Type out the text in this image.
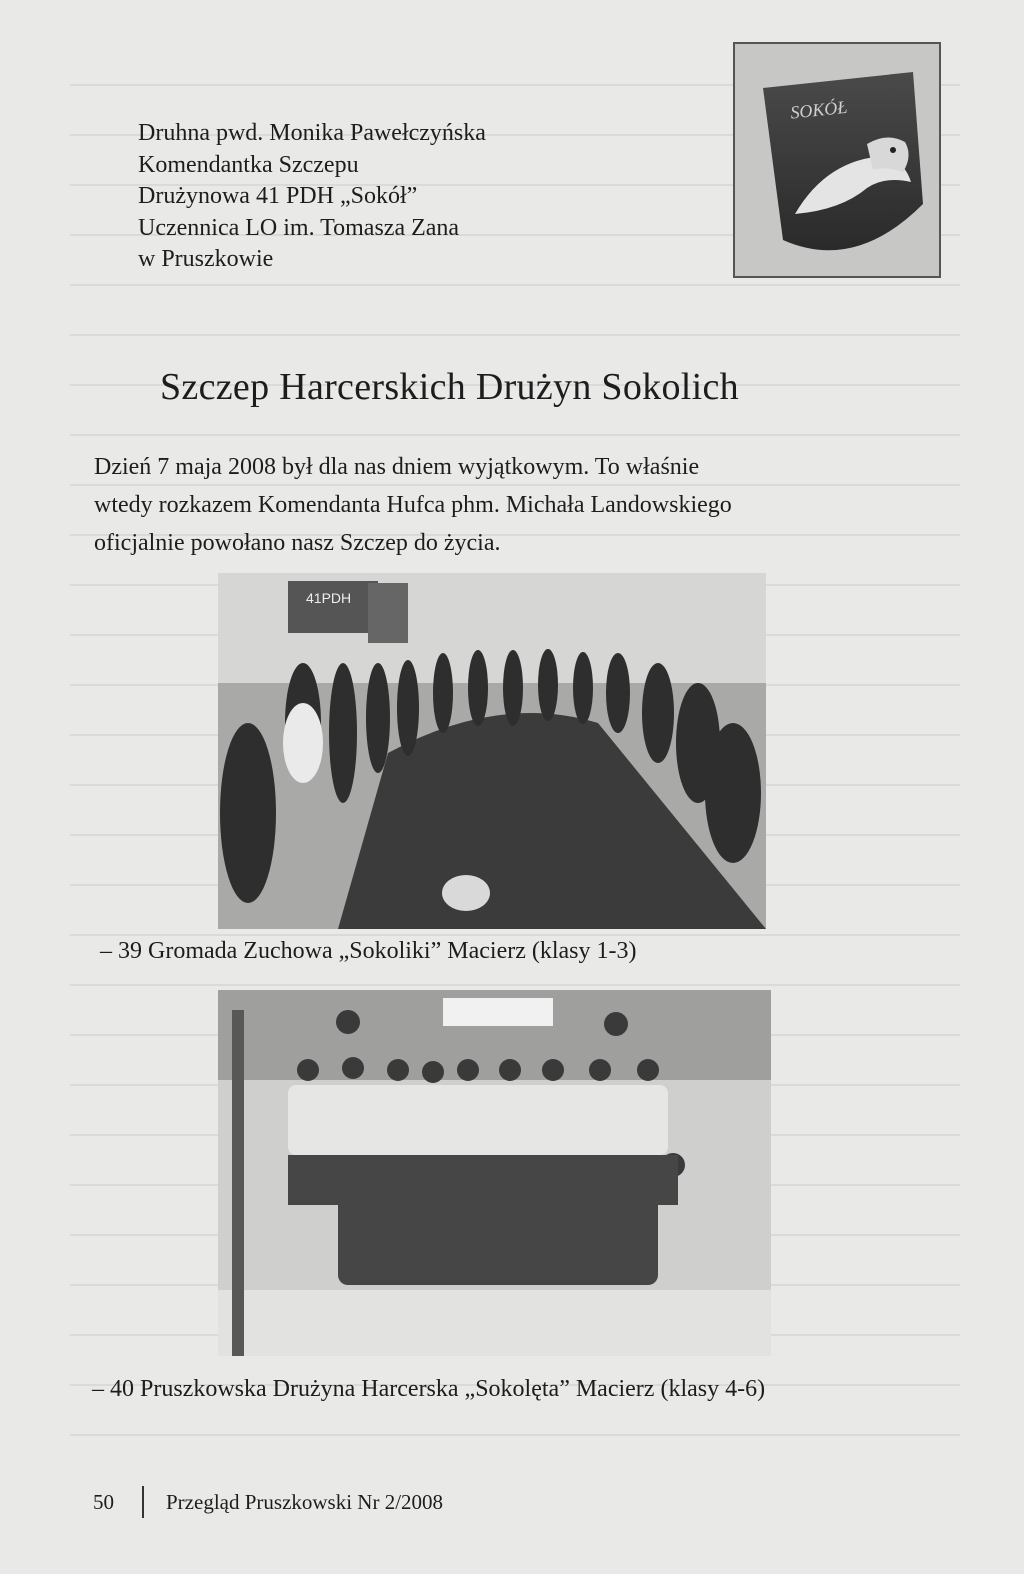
Druhna pwd. Monika Pawełczyńska
Komendantka Szczepu
Drużynowa 41 PDH „Sokół”
Uczennica LO im. Tomasza Zana
w Pruszkowie
SOKÓŁ
Szczep Harcerskich Drużyn Sokolich
Dzień 7 maja 2008 był dla nas dniem wyjątkowym. To właśnie
wtedy rozkazem Komendanta Hufca phm. Michała Landowskiego
oficjalnie powołano nasz Szczep do życia.
41PDH
– 39 Gromada Zuchowa „Sokoliki” Macierz (klasy 1-3)
– 40 Pruszkowska Drużyna Harcerska „Sokolęta” Macierz (klasy 4-6)
50 Przegląd Pruszkowski Nr 2/2008
